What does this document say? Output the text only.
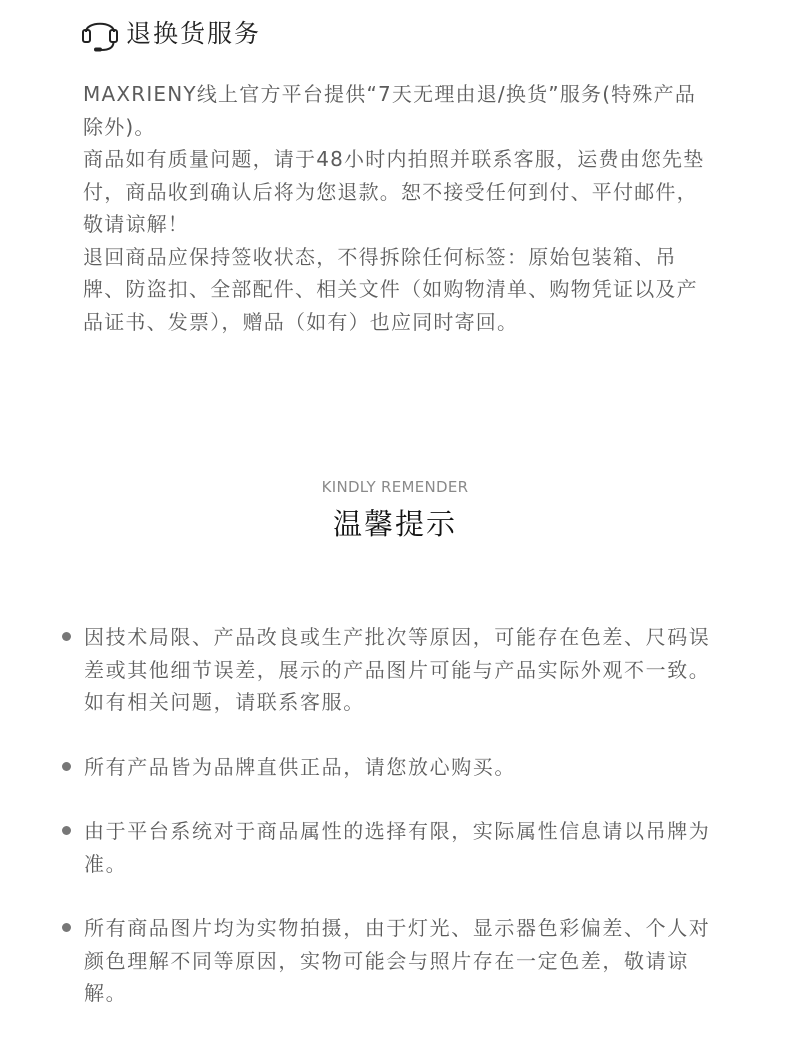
退换货服务

MAXRIENY线上官方平台提供“7天无理由退/换货”服务(特殊产品除外)。

商品如有质量问题，请于48小时内拍照并联系客服，运费由您先垫付，商品收到确认后将为您退款。恕不接受任何到付、平付邮件，敬请谅解！

退回商品应保持签收状态，不得拆除任何标签：原始包装箱、吊牌、防盗扣、全部配件、相关文件（如购物清单、购物凭证以及产品证书、发票），赠品（如有）也应同时寄回。

KINDLY REMENDER
温馨提示
因技术局限、产品改良或生产批次等原因，可能存在色差、尺码误差或其他细节误差，展示的产品图片可能与产品实际外观不一致。如有相关问题，请联系客服。
所有产品皆为品牌直供正品，请您放心购买。
由于平台系统对于商品属性的选择有限，实际属性信息请以吊牌为准。
所有商品图片均为实物拍摄，由于灯光、显示器色彩偏差、个人对颜色理解不同等原因，实物可能会与照片存在一定色差，敬请谅解。
